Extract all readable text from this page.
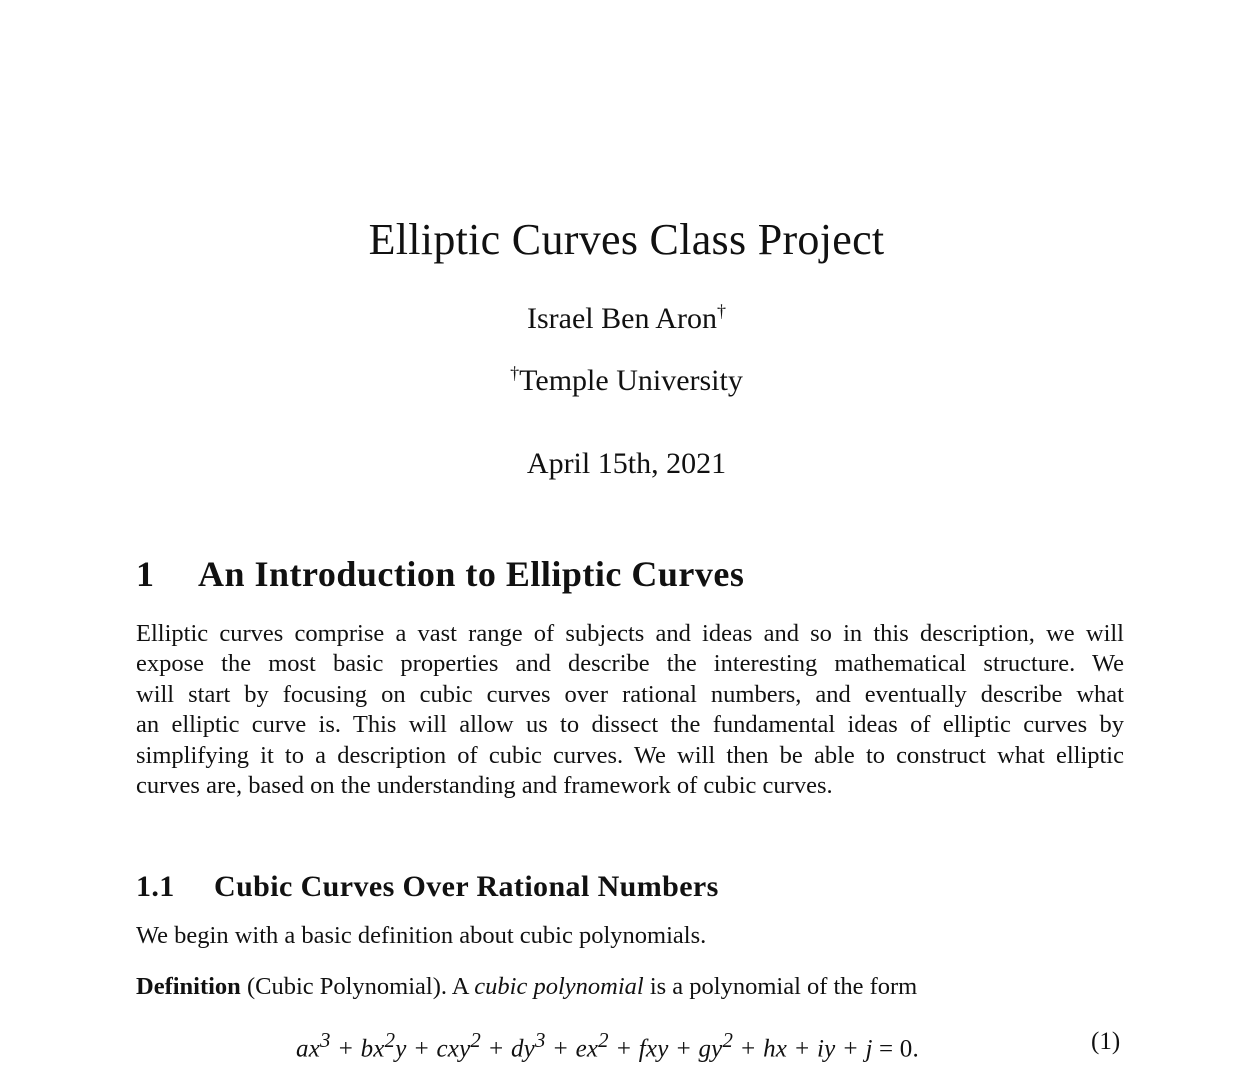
Elliptic Curves Class Project

Israel Ben Aron†

†Temple University

April 15th, 2021

1 An Introduction to Elliptic Curves
Elliptic curves comprise a vast range of subjects and ideas and so in this description, we will
expose the most basic properties and describe the interesting mathematical structure. We
will start by focusing on cubic curves over rational numbers, and eventually describe what
an elliptic curve is. This will allow us to dissect the fundamental ideas of elliptic curves by
simplifying it to a description of cubic curves. We will then be able to construct what elliptic
curves are, based on the understanding and framework of cubic curves.
1.1 Cubic Curves Over Rational Numbers

We begin with a basic definition about cubic polynomials.

Definition (Cubic Polynomial). A cubic polynomial is a polynomial of the form

$ax^3 + bx^2y + cxy^2 + dy^3 + ex^2$ + fxy + $gy^2$ + hx + iy + j = 0.	(1)
